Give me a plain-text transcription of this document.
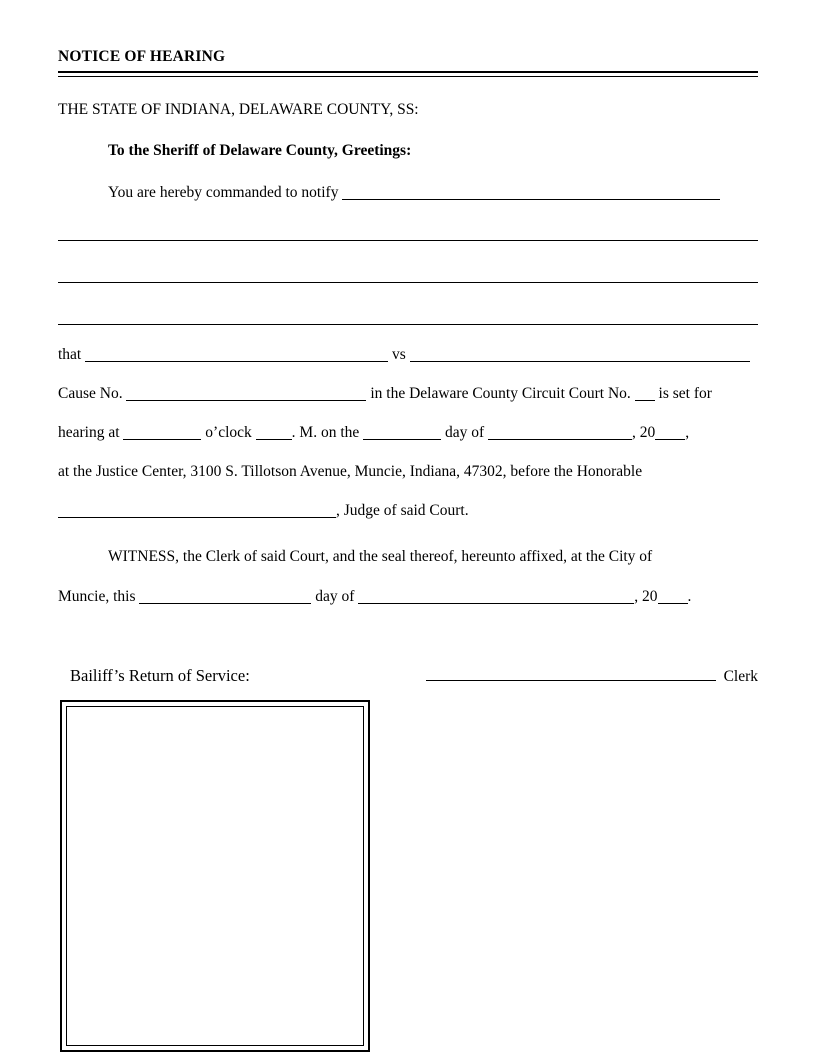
NOTICE OF HEARING
THE STATE OF INDIANA, DELAWARE COUNTY, SS:
To the Sheriff of Delaware County, Greetings:
You are hereby commanded to notify
that	vs
Cause No.	in the Delaware County Circuit Court No. is set for
hearing at	o’clock	. M. on the	day of	, 20 ,
at the Justice Center, 3100 S. Tillotson Avenue, Muncie, Indiana, 47302, before the Honorable
, Judge of said Court.
WITNESS, the Clerk of said Court, and the seal thereof, hereunto affixed, at the City of
Muncie, this	day of	, 20 .
Bailiff’s Return of Service:	Clerk
